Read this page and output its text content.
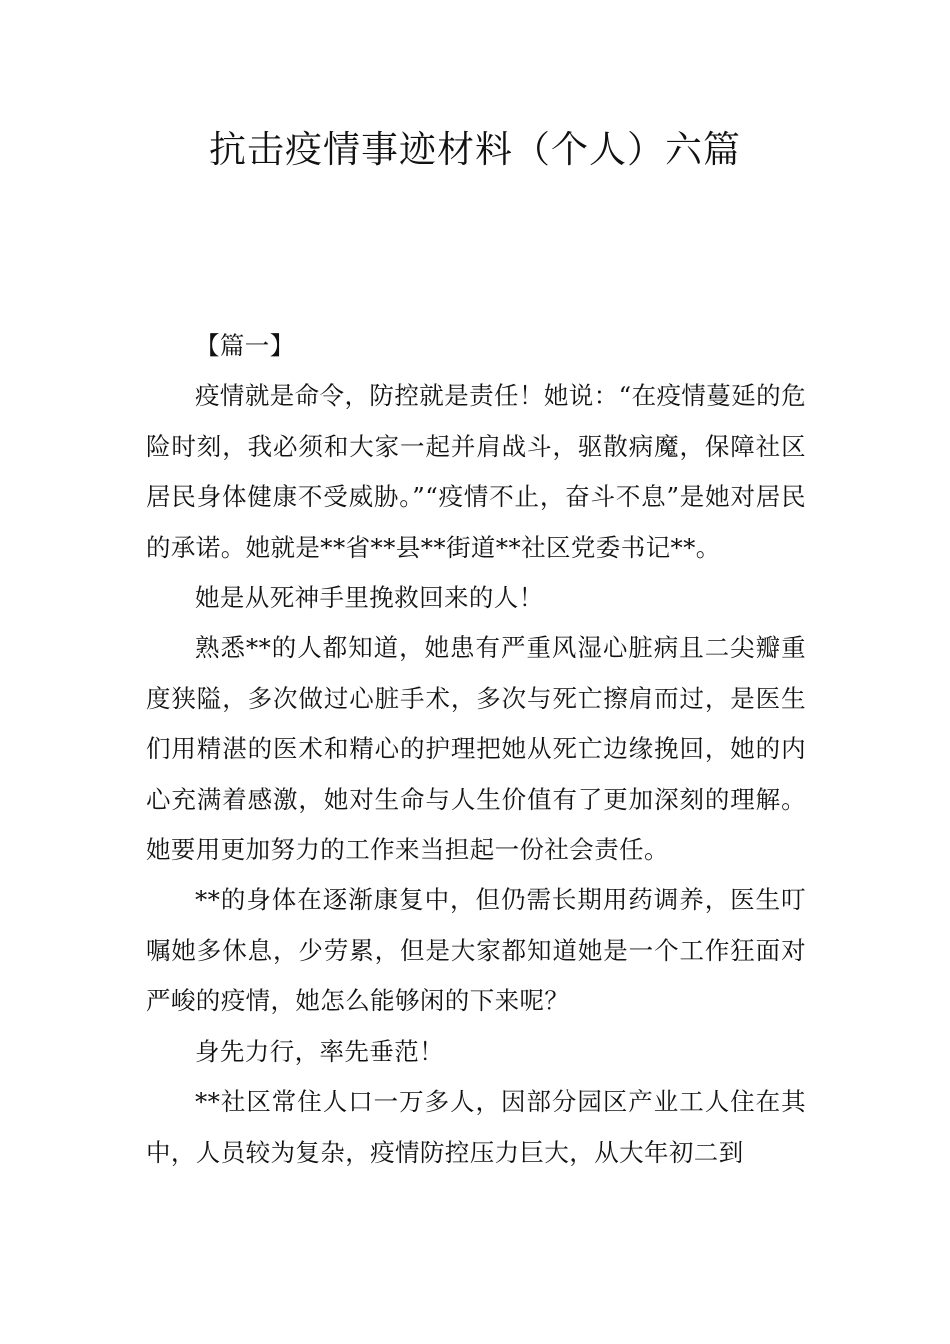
抗击疫情事迹材料（个人）六篇

【篇一】

疫情就是命令，防控就是责任！她说：“在疫情蔓延的危险时刻，我必须和大家一起并肩战斗，驱散病魔，保障社区居民身体健康不受威胁。”“疫情不止，奋斗不息”是她对居民的承诺。她就是**省**县**街道**社区党委书记**。

她是从死神手里挽救回来的人！

熟悉**的人都知道，她患有严重风湿心脏病且二尖瓣重度狭隘，多次做过心脏手术，多次与死亡擦肩而过，是医生们用精湛的医术和精心的护理把她从死亡边缘挽回，她的内心充满着感激，她对生命与人生价值有了更加深刻的理解。她要用更加努力的工作来当担起一份社会责任。

**的身体在逐渐康复中，但仍需长期用药调养，医生叮嘱她多休息，少劳累，但是大家都知道她是一个工作狂面对严峻的疫情，她怎么能够闲的下来呢？

身先力行，率先垂范！

**社区常住人口一万多人，因部分园区产业工人住在其中，人员较为复杂，疫情防控压力巨大，从大年初二到
